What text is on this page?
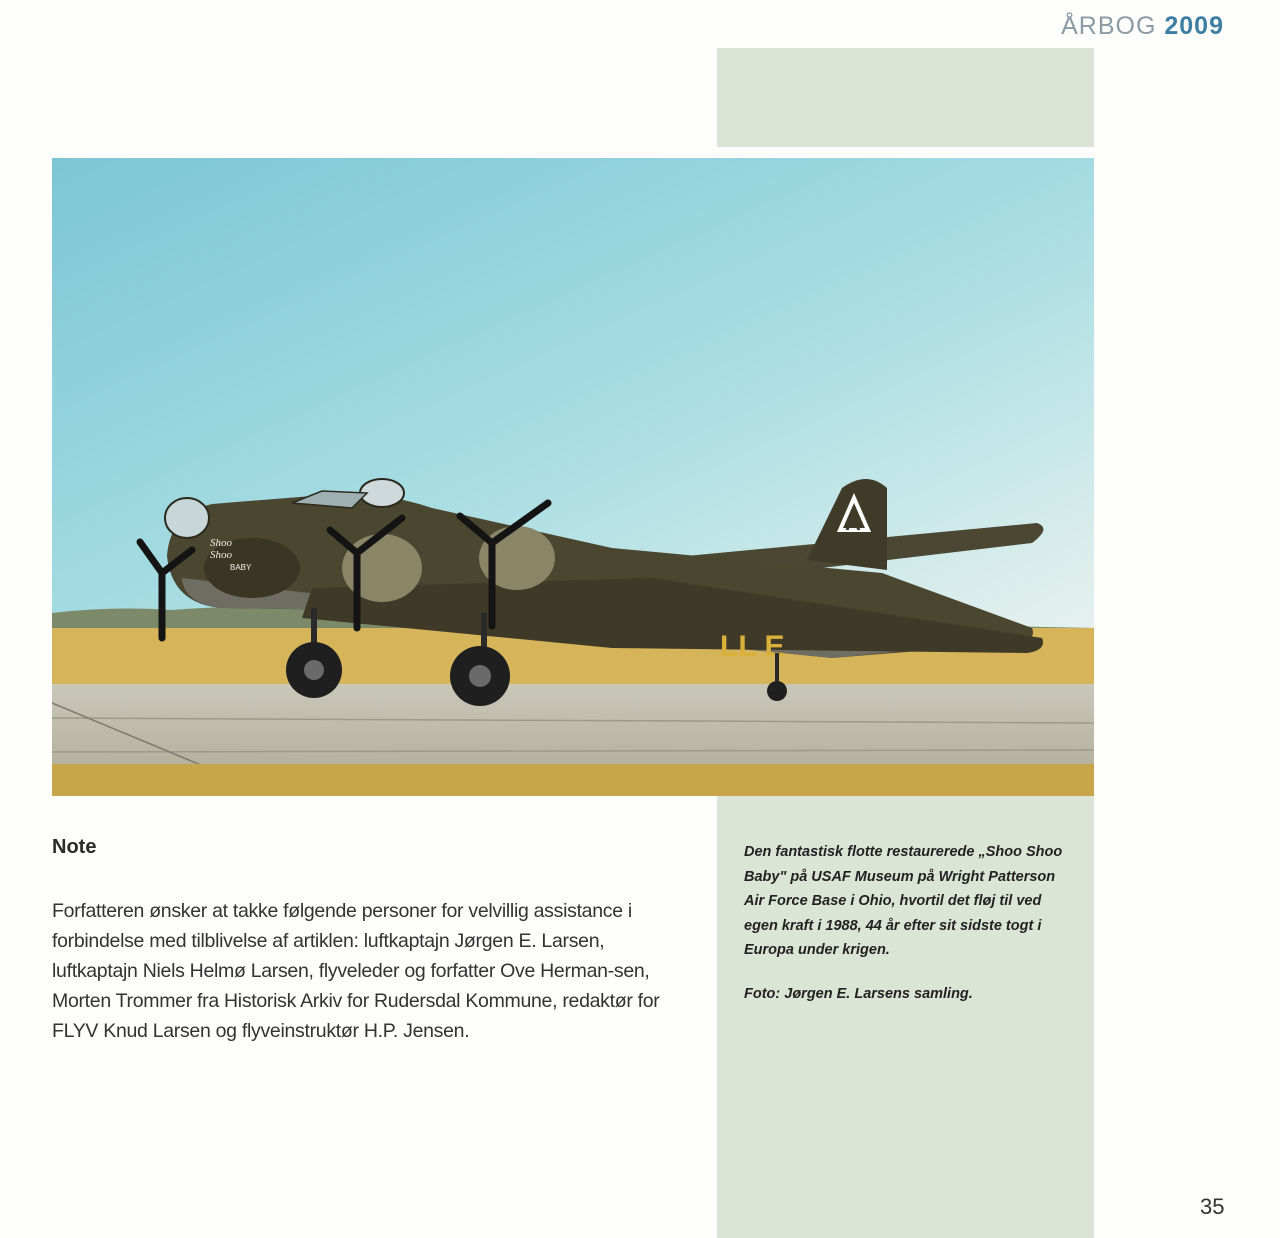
ÅRBOG 2009
A
Shoo
Shoo
BABY
LL E
Note
Forfatteren ønsker at takke følgende personer for velvillig assistance i forbindelse med tilblivelse af artiklen: luftkaptajn Jørgen E. Larsen, luftkaptajn Niels Helmø Larsen, flyveleder og forfatter Ove Herman-sen, Morten Trommer fra Historisk Arkiv for Rudersdal Kommune, redaktør for FLYV Knud Larsen og flyveinstruktør H.P. Jensen.
Den fantastisk flotte restaurerede „Shoo Shoo Baby" på USAF Museum på Wright Patterson Air Force Base i Ohio, hvortil det fløj til ved egen kraft i 1988, 44 år efter sit sidste togt i Europa under krigen.
Foto: Jørgen E. Larsens samling.
35
